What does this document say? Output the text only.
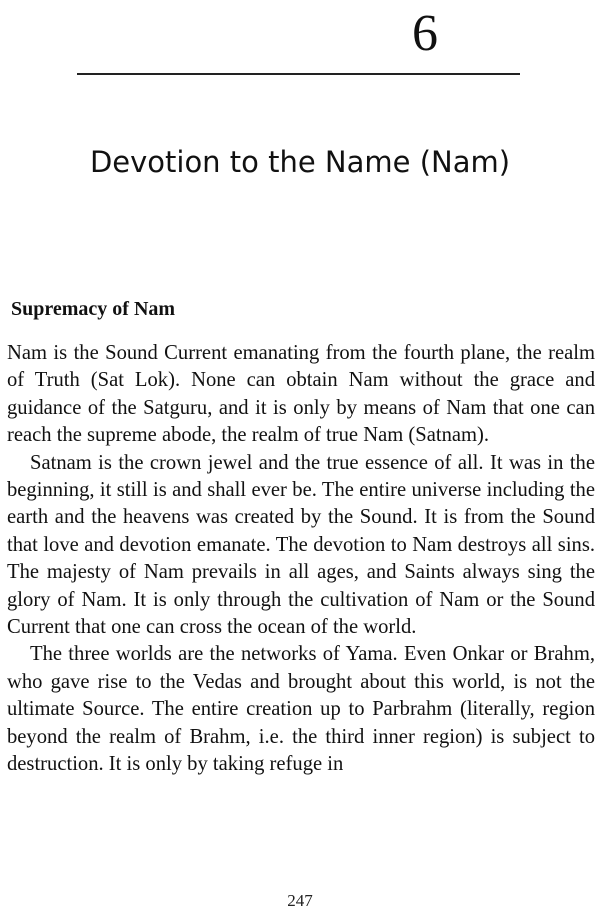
6
Devotion to the Name (Nam)
Supremacy of Nam

Nam is the Sound Current emanating from the fourth plane, the realm of Truth (Sat Lok). None can obtain Nam without the grace and guidance of the Satguru, and it is only by means of Nam that one can reach the supreme abode, the realm of true Nam (Satnam).

Satnam is the crown jewel and the true essence of all. It was in the beginning, it still is and shall ever be. The entire universe including the earth and the heavens was created by the Sound. It is from the Sound that love and devotion emanate. The devotion to Nam destroys all sins. The majesty of Nam prevails in all ages, and Saints always sing the glory of Nam. It is only through the cultivation of Nam or the Sound Current that one can cross the ocean of the world.

The three worlds are the networks of Yama. Even Onkar or Brahm, who gave rise to the Vedas and brought about this world, is not the ultimate Source. The entire creation up to Parbrahm (literally, region beyond the realm of Brahm, i.e. the third inner region) is subject to destruction. It is only by taking refuge in

247
